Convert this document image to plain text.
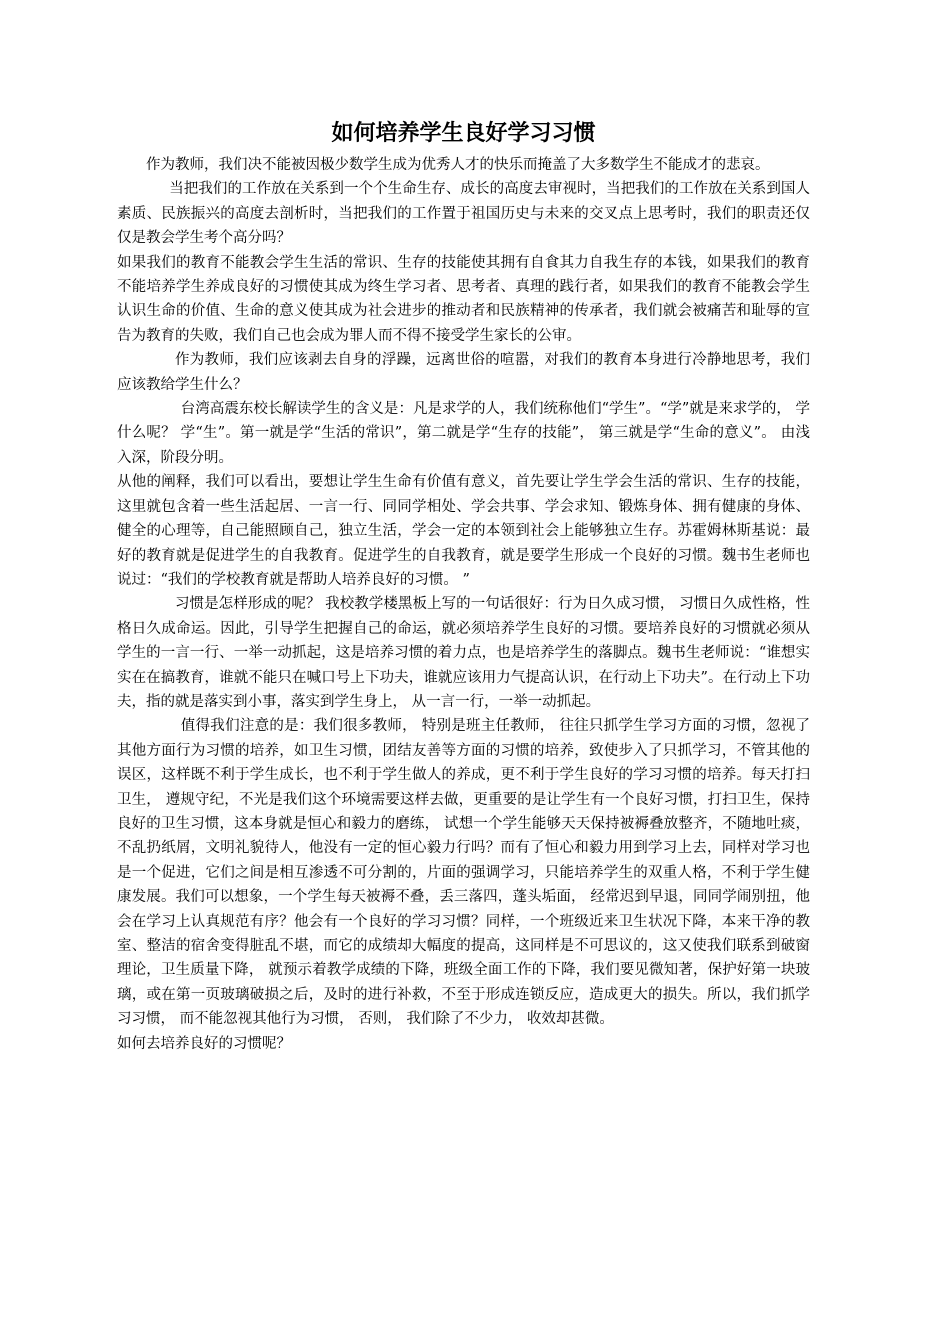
如何培养学生良好学习习惯

作为教师，我们决不能被因极少数学生成为优秀人才的快乐而掩盖了大多数学生不能成才的悲哀。

当把我们的工作放在关系到一个个生命生存、成长的高度去审视时，当把我们的工作放在关系到国人素质、民族振兴的高度去剖析时，当把我们的工作置于祖国历史与未来的交叉点上思考时，我们的职责还仅仅是教会学生考个高分吗？

如果我们的教育不能教会学生生活的常识、生存的技能使其拥有自食其力自我生存的本钱，如果我们的教育不能培养学生养成良好的习惯使其成为终生学习者、思考者、真理的践行者，如果我们的教育不能教会学生认识生命的价值、生命的意义使其成为社会进步的推动者和民族精神的传承者，我们就会被痛苦和耻辱的宣告为教育的失败，我们自己也会成为罪人而不得不接受学生家长的公审。

作为教师，我们应该剥去自身的浮躁，远离世俗的喧嚣，对我们的教育本身进行冷静地思考，我们应该教给学生什么？

台湾高震东校长解读学生的含义是：凡是求学的人，我们统称他们“学生”。“学”就是来求学的， 学什么呢？ 学“生”。第一就是学“生活的常识”，第二就是学“生存的技能”， 第三就是学“生命的意义”。 由浅入深，阶段分明。

从他的阐释，我们可以看出，要想让学生生命有价值有意义，首先要让学生学会生活的常识、生存的技能，这里就包含着一些生活起居、一言一行、同同学相处、学会共事、学会求知、锻炼身体、拥有健康的身体、健全的心理等，自己能照顾自己，独立生活，学会一定的本领到社会上能够独立生存。苏霍姆林斯基说：最好的教育就是促进学生的自我教育。促进学生的自我教育，就是要学生形成一个良好的习惯。魏书生老师也说过：“我们的学校教育就是帮助人培养良好的习惯。 ”

习惯是怎样形成的呢？ 我校教学楼黑板上写的一句话很好：行为日久成习惯， 习惯日久成性格，性格日久成命运。因此，引导学生把握自己的命运，就必须培养学生良好的习惯。要培养良好的习惯就必须从学生的一言一行、一举一动抓起，这是培养习惯的着力点，也是培养学生的落脚点。魏书生老师说：“谁想实实在在搞教育，谁就不能只在喊口号上下功夫，谁就应该用力气提高认识，在行动上下功夫”。在行动上下功夫，指的就是落实到小事，落实到学生身上， 从一言一行，一举一动抓起。

值得我们注意的是：我们很多教师， 特别是班主任教师， 往往只抓学生学习方面的习惯，忽视了其他方面行为习惯的培养，如卫生习惯，团结友善等方面的习惯的培养，致使步入了只抓学习，不管其他的误区，这样既不利于学生成长，也不利于学生做人的养成，更不利于学生良好的学习习惯的培养。每天打扫卫生， 遵规守纪，不光是我们这个环境需要这样去做，更重要的是让学生有一个良好习惯，打扫卫生，保持良好的卫生习惯，这本身就是恒心和毅力的磨练， 试想一个学生能够天天保持被褥叠放整齐，不随地吐痰，不乱扔纸屑，文明礼貌待人，他没有一定的恒心毅力行吗？而有了恒心和毅力用到学习上去，同样对学习也是一个促进，它们之间是相互渗透不可分割的，片面的强调学习，只能培养学生的双重人格，不利于学生健康发展。我们可以想象，一个学生每天被褥不叠，丢三落四，蓬头垢面， 经常迟到早退，同同学闹别扭，他会在学习上认真规范有序？他会有一个良好的学习习惯？同样，一个班级近来卫生状况下降，本来干净的教室、整洁的宿舍变得脏乱不堪，而它的成绩却大幅度的提高，这同样是不可思议的，这又使我们联系到破窗理论，卫生质量下降， 就预示着教学成绩的下降，班级全面工作的下降，我们要见微知著，保护好第一块玻璃，或在第一页玻璃破损之后，及时的进行补救，不至于形成连锁反应，造成更大的损失。所以，我们抓学习习惯， 而不能忽视其他行为习惯， 否则， 我们除了不少力， 收效却甚微。

如何去培养良好的习惯呢？
